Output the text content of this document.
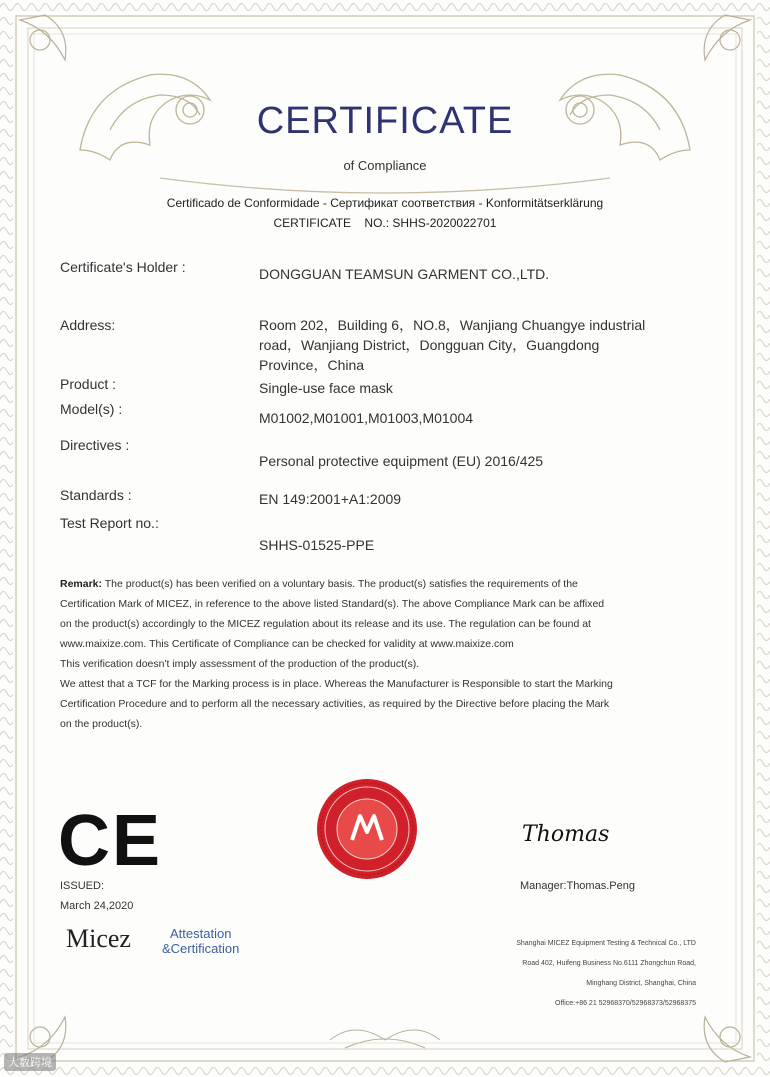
CERTIFICATE
of Compliance
Certificado de Conformidade - Сертификат соответствия - Konformitätserklärung
CERTIFICATE    NO.: SHHS-2020022701
Certificate's Holder :	DONGGUAN TEAMSUN GARMENT CO.,LTD.
Address:	Room 202，Building 6，NO.8，Wanjiang Chuangye industrial
road，Wanjiang District，Dongguan City，Guangdong
Province，China
Product :	Single-use face mask
Model(s) :
M01002,M01001,M01003,M01004
Directives :
Personal protective equipment (EU) 2016/425
Standards :	EN 149:2001+A1:2009
Test Report no.:
SHHS-01525-PPE
Remark: The product(s) has been verified on a voluntary basis. The product(s) satisfies the requirements of the
Certification Mark of MICEZ, in reference to the above listed Standard(s). The above Compliance Mark can be affixed
on the product(s) accordingly to the MICEZ regulation about its release and its use. The regulation can be found at
www.maixize.com. This Certificate of Compliance can be checked for validity at www.maixize.com
This verification doesn't imply assessment of the production of the product(s).
We attest that a TCF for the Marking process is in place. Whereas the Manufacturer is Responsible to start the Marking
Certification Procedure and to perform all the necessary activities, as required by the Directive before placing the Mark
on the product(s).
CE	Thomas
Manager:Thomas.Peng
ISSUED:
March 24,2020
Micez	Attestation
&Certification	Shanghai MICEZ Equipment Testing & Technical Co., LTD
Road 402, Huifeng Business No.6111 Zhongchun Road,
Minghang District, Shanghai, China
Office:+86 21 52968370/52968373/52968375
大数跨境
